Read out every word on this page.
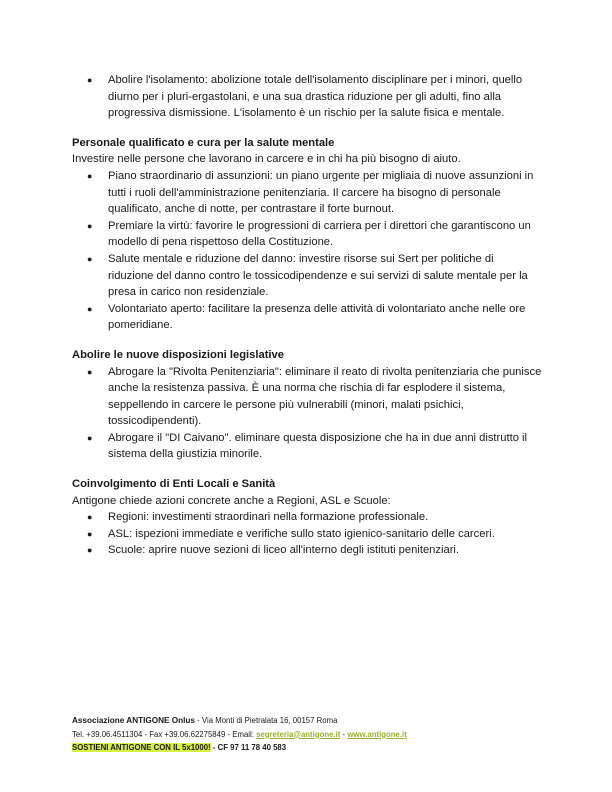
● Abolire l'isolamento: abolizione totale dell'isolamento disciplinare per i minori, quello diurno per i pluri-ergastolani, e una sua drastica riduzione per gli adulti, fino alla progressiva dismissione. L'isolamento è un rischio per la salute fisica e mentale.

Personale qualificato e cura per la salute mentale

Investire nelle persone che lavorano in carcere e in chi ha più bisogno di aiuto.

● Piano straordinario di assunzioni: un piano urgente per migliaia di nuove assunzioni in tutti i ruoli dell'amministrazione penitenziaria. Il carcere ha bisogno di personale qualificato, anche di notte, per contrastare il forte burnout.
● Premiare la virtù: favorire le progressioni di carriera per i direttori che garantiscono un modello di pena rispettoso della Costituzione.
● Salute mentale e riduzione del danno: investire risorse sui Sert per politiche di riduzione del danno contro le tossicodipendenze e sui servizi di salute mentale per la presa in carico non residenziale.
● Volontariato aperto: facilitare la presenza delle attività di volontariato anche nelle ore pomeridiane.

Abolire le nuove disposizioni legislative

● Abrogare la "Rivolta Penitenziaria": eliminare il reato di rivolta penitenziaria che punisce anche la resistenza passiva. È una norma che rischia di far esplodere il sistema, seppellendo in carcere le persone più vulnerabili (minori, malati psichici, tossicodipendenti).
● Abrogare il "DI Caivano". eliminare questa disposizione che ha in due anni distrutto il sistema della giustizia minorile.

Coinvolgimento di Enti Locali e Sanità

Antigone chiede azioni concrete anche a Regioni, ASL e Scuole:

● Regioni: investimenti straordinari nella formazione professionale.
● ASL: ispezioni immediate e verifiche sullo stato igienico-sanitario delle carceri.
● Scuole: aprire nuove sezioni di liceo all'interno degli istituti penitenziari.
Associazione ANTIGONE Onlus - Via Monti di Pietralata 16, 00157 Roma
Tel. +39.06.4511304 - Fax +39.06.62275849 - Email: segreteria@antigone.it - www.antigone.it
SOSTIENI ANTIGONE CON IL 5x1000! - CF 97 11 78 40 583
